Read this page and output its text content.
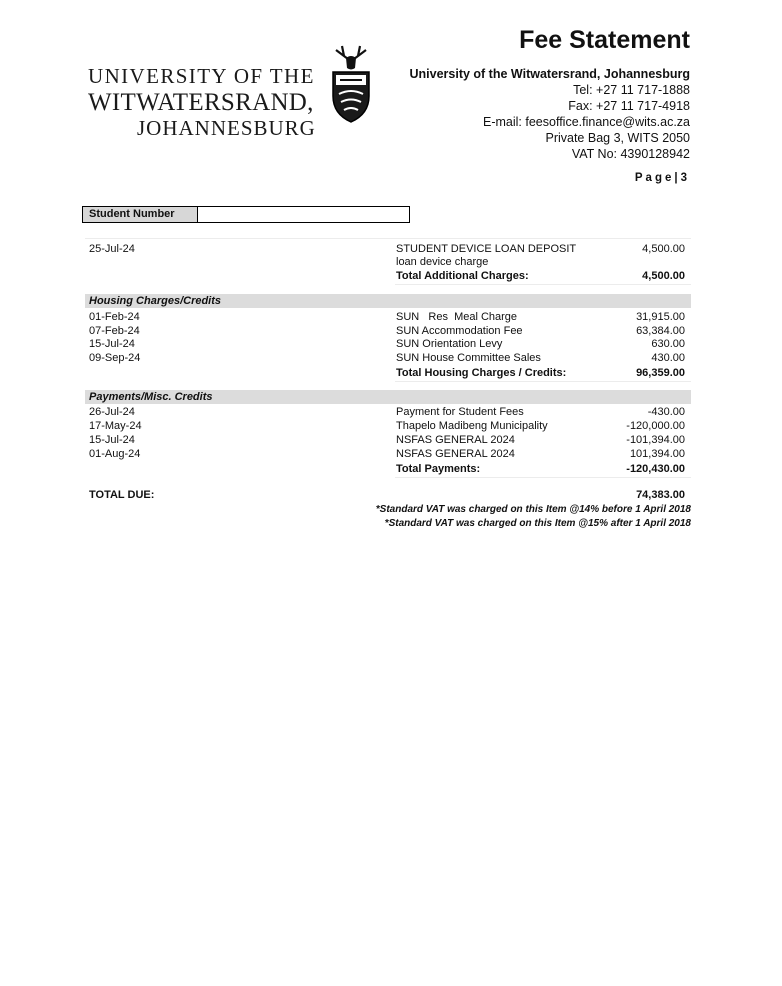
UNIVERSITY OF THE
WITWATERSRAND,
JOHANNESBURG
Fee Statement
University of the Witwatersrand, Johannesburg
Tel: +27 11 717-1888
Fax: +27 11 717-4918
E-mail: feesoffice.finance@wits.ac.za
Private Bag 3, WITS 2050
VAT No: 4390128942
Page|3
Student Number
25-Jul-24	STUDENT DEVICE LOAN DEPOSIT	4,500.00
loan device charge
Total Additional Charges:	4,500.00
Housing Charges/Credits
01-Feb-24	SUN   Res  Meal Charge	31,915.00
07-Feb-24	SUN Accommodation Fee	63,384.00
15-Jul-24	SUN Orientation Levy	630.00
09-Sep-24	SUN House Committee Sales	430.00
Total Housing Charges / Credits:	96,359.00
Payments/Misc. Credits
26-Jul-24	Payment for Student Fees	-430.00
17-May-24	Thapelo Madibeng Municipality	-120,000.00
15-Jul-24	NSFAS GENERAL 2024	-101,394.00
01-Aug-24	NSFAS GENERAL 2024	101,394.00
Total Payments:	-120,430.00
TOTAL DUE:	74,383.00
*Standard VAT was charged on this Item @14% before 1 April 2018
*Standard VAT was charged on this Item @15% after 1 April 2018
